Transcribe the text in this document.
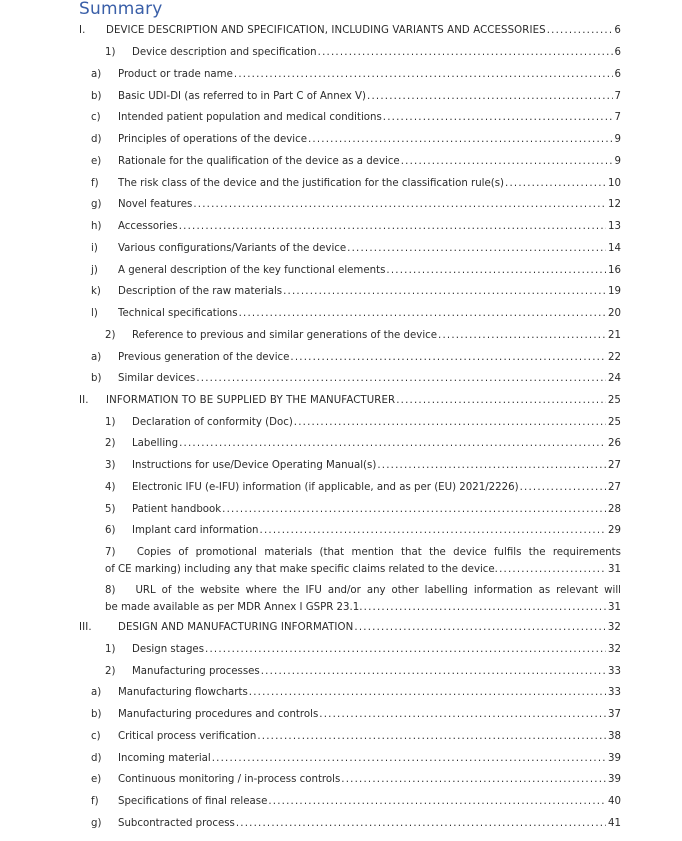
Summary
I. DEVICE DESCRIPTION AND SPECIFICATION, INCLUDING VARIANTS AND ACCESSORIES .....	6
1) Device description and specification .....	6
a) Product or trade name .....	6
b) Basic UDI-DI (as referred to in Part C of Annex V) .....	7
c) Intended patient population and medical conditions .....	7
d) Principles of operations of the device .....	9
e) Rationale for the qualification of the device as a device .....	9
f) The risk class of the device and the justification for the classification rule(s) .....	10
g) Novel features .....	12
h) Accessories .....	13
i) Various configurations/Variants of the device .....	14
j) A general description of the key functional elements .....	16
k) Description of the raw materials .....	19
l) Technical specifications .....	20
2) Reference to previous and similar generations of the device .....	21
a) Previous generation of the device .....	22
b) Similar devices .....	24
II. INFORMATION TO BE SUPPLIED BY THE MANUFACTURER .....	25
1) Declaration of conformity (Doc) .....	25
2) Labelling .....	26
3) Instructions for use/Device Operating Manual(s) .....	27
4) Electronic IFU (e-IFU) information (if applicable, and as per (EU) 2021/2226) .....	27
5) Patient handbook .....	28
6) Implant card information .....	29
7) Copies of promotional materials (that mention that the device fulfils the requirements
of CE marking) including any that make specific claims related to the device .....	31
8) URL of the website where the IFU and/or any other labelling information as relevant will
be made available as per MDR Annex I GSPR 23.1 .....	31
III.	DESIGN AND MANUFACTURING INFORMATION .....	32
1) Design stages .....	32
2) Manufacturing processes .....	33
a) Manufacturing flowcharts .....	33
b) Manufacturing procedures and controls .....	37
c) Critical process verification .....	38
d) Incoming material .....	39
e) Continuous monitoring / in-process controls .....	39
f) Specifications of final release .....	40
g) Subcontracted process .....	41
